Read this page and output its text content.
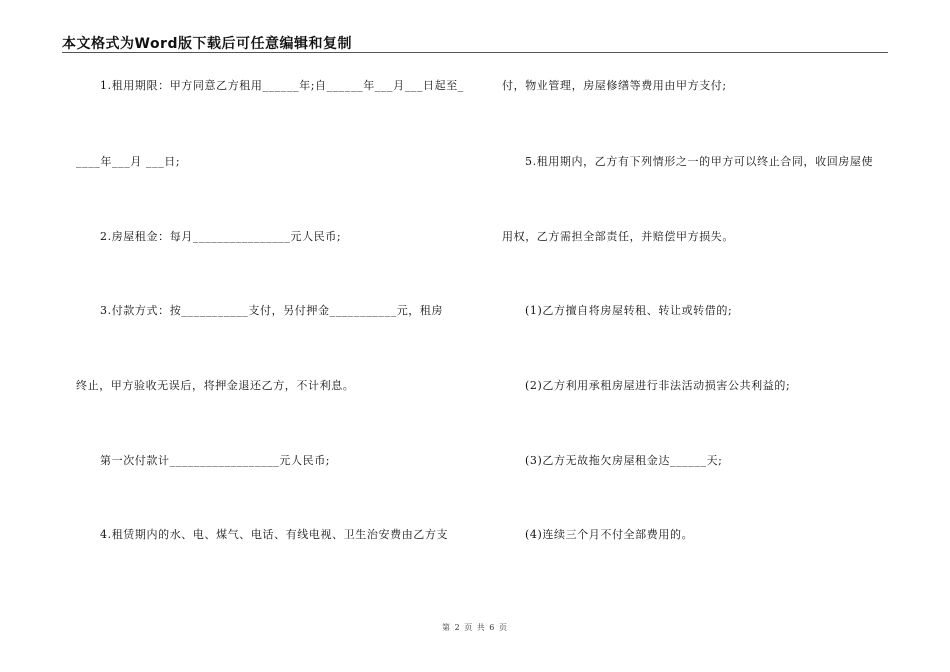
本文格式为Word版下载后可任意编辑和复制
1.租用期限：甲方同意乙方租用______年;自______年___月___日起至_
____年___月 ___日;
2.房屋租金：每月________________元人民币;
3.付款方式：按___________支付，另付押金___________元，租房
终止，甲方验收无误后，将押金退还乙方，不计利息。
第一次付款计__________________元人民币;
4.租赁期内的水、电、煤气、电话、有线电视、卫生治安费由乙方支
付，物业管理，房屋修缮等费用由甲方支付;
5.租用期内，乙方有下列情形之一的甲方可以终止合同，收回房屋使
用权，乙方需担全部责任，并赔偿甲方损失。
(1)乙方擅自将房屋转租、转让或转借的;
(2)乙方利用承租房屋进行非法活动损害公共利益的;
(3)乙方无故拖欠房屋租金达______天;
(4)连续三个月不付全部费用的。
第 2 页 共 6 页
